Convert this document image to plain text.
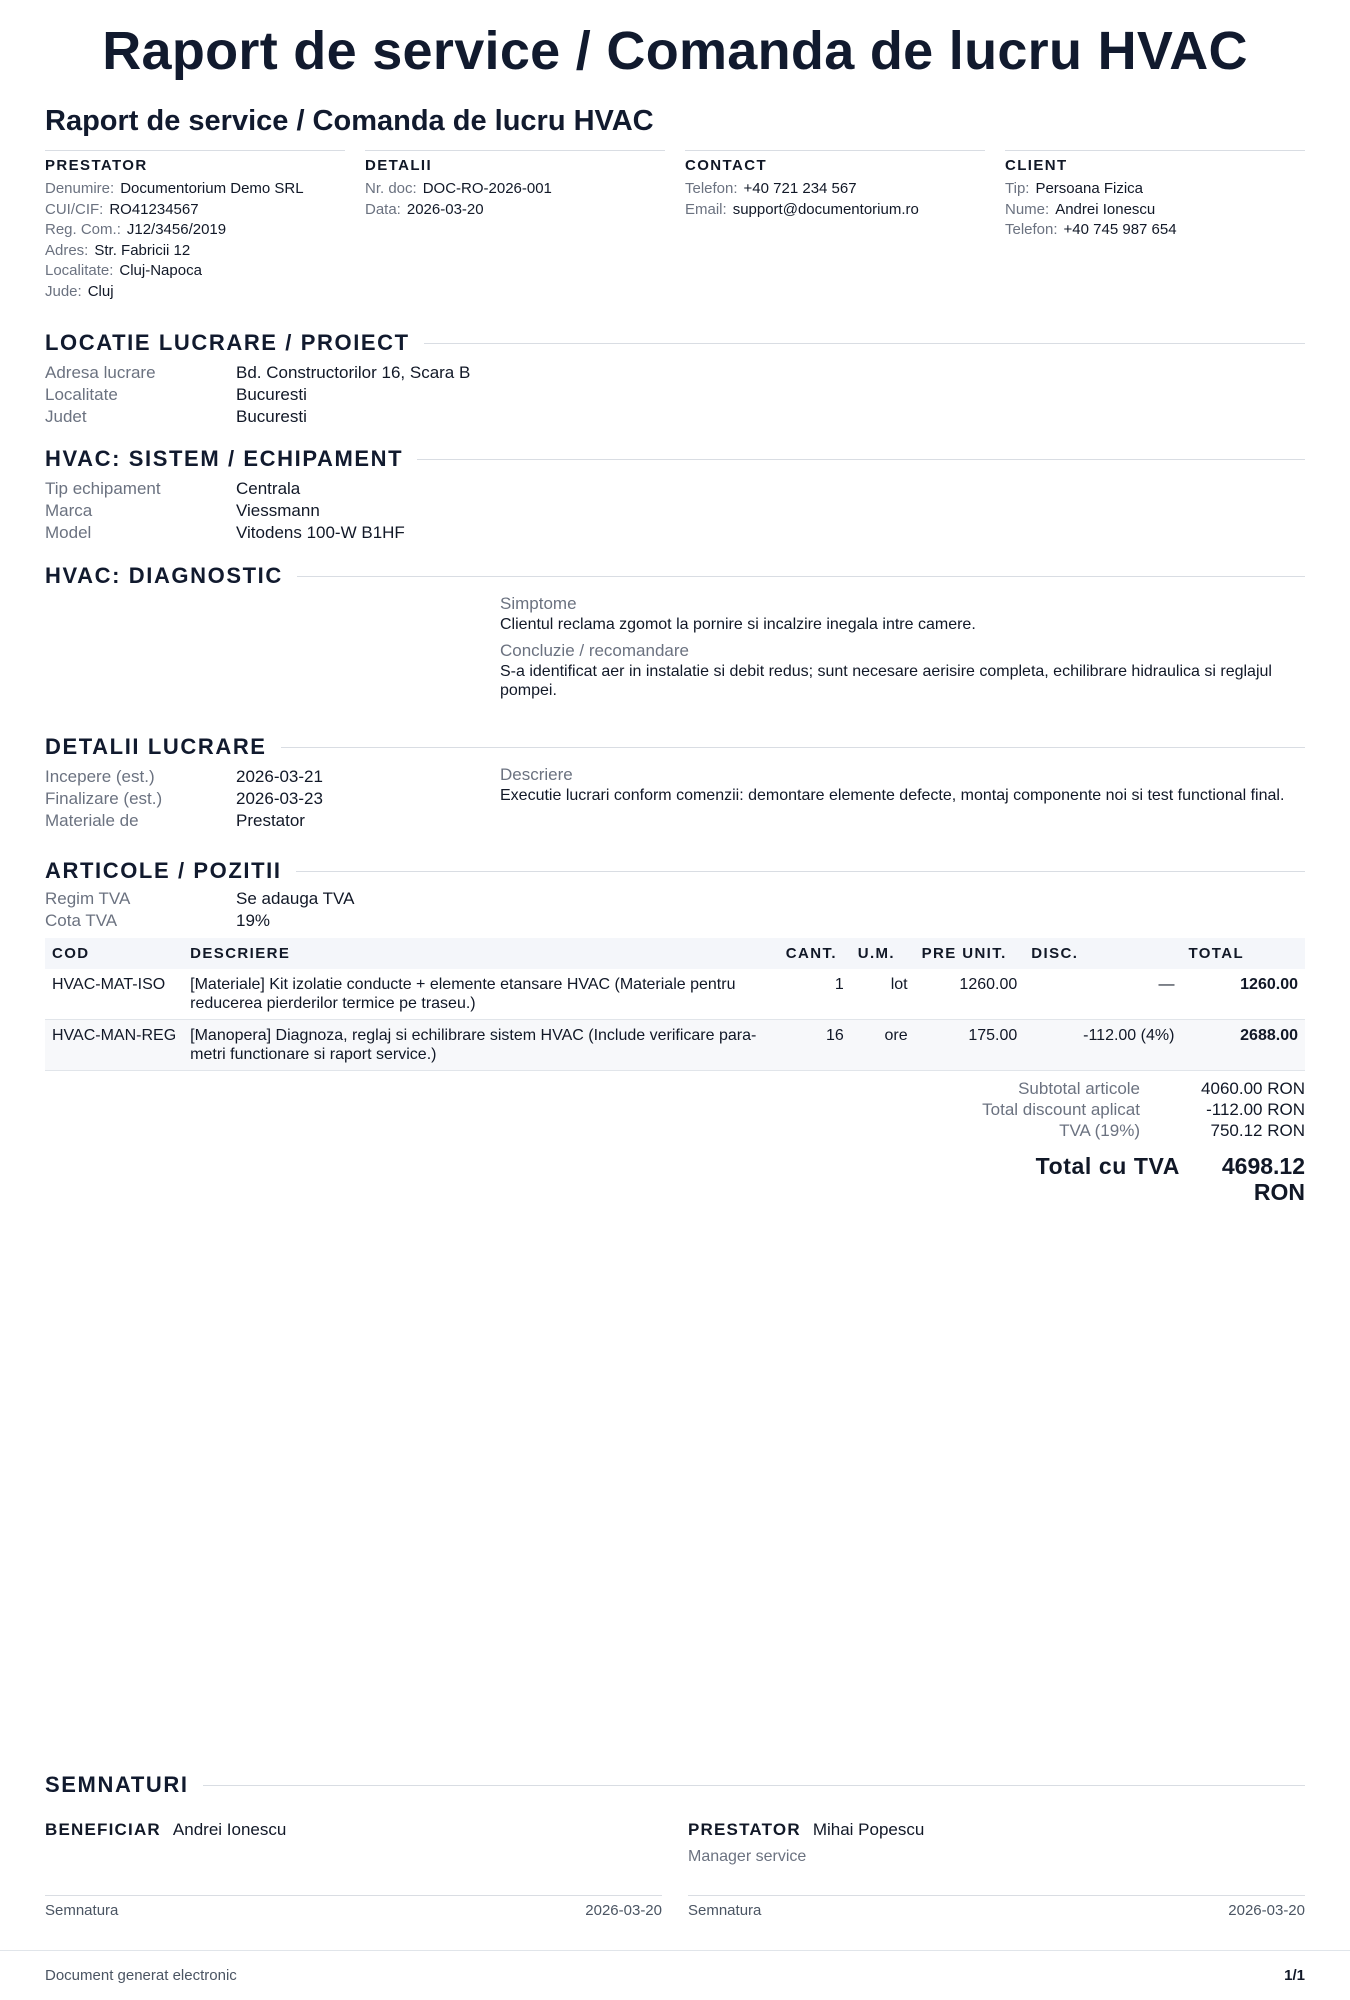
Raport de service / Comanda de lucru HVAC
Raport de service / Comanda de lucru HVAC
PRESTATOR
Denumire: Documentorium Demo SRL
CUI/CIF: RO41234567
Reg. Com.: J12/3456/2019
Adres: Str. Fabricii 12
Localitate: Cluj-Napoca
Jude: Cluj
DETALII
Nr. doc: DOC-RO-2026-001
Data: 2026-03-20
CONTACT
Telefon: +40 721 234 567
Email: support@documentorium.ro
CLIENT
Tip: Persoana Fizica
Nume: Andrei Ionescu
Telefon: +40 745 987 654
LOCATIE LUCRARE / PROIECT
Adresa lucrare	Bd. Constructorilor 16, Scara B
Localitate	Bucuresti
Judet	Bucuresti
HVAC: SISTEM / ECHIPAMENT
Tip echipament	Centrala
Marca	Viessmann
Model	Vitodens 100-W B1HF
HVAC: DIAGNOSTIC
Simptome
Clientul reclama zgomot la pornire si incalzire inegala intre camere.
Concluzie / recomandare
S-a identificat aer in instalatie si debit redus; sunt necesare aerisire completa, echilibrare hidraulica si reglajul pompei.
DETALII LUCRARE
Incepere (est.)	2026-03-21
Finalizare (est.)	2026-03-23
Materiale de	Prestator
Descriere
Executie lucrari conform comenzii: demontare elemente defecte, montaj componente noi si test functional final.
ARTICOLE / POZITII
Regim TVA	Se adauga TVA
Cota TVA	19%
COD	DESCRIERE	CANT.	U.M.	PRE UNIT.	DISC.	TOTAL
HVAC-MAT-ISO	[Materiale] Kit izolatie conducte + elemente etansare HVAC (Materiale pentru reducerea pierderilor termice pe traseu.)	1	lot	1260.00	—	1260.00
HVAC-MAN-REG	[Manopera] Diagnoza, reglaj si echilibrare sistem HVAC (Include verificare para-metri functionare si raport service.)	16	ore	175.00	-112.00 (4%)	2688.00
Subtotal articole	4060.00 RON
Total discount aplicat	-112.00 RON
TVA (19%)	750.12 RON
Total cu TVA	4698.12 RON
SEMNATURI
BENEFICIAR Andrei Ionescu
Semnatura	2026-03-20
PRESTATOR Mihai Popescu
Manager service
Semnatura	2026-03-20
Document generat electronic	1/1
